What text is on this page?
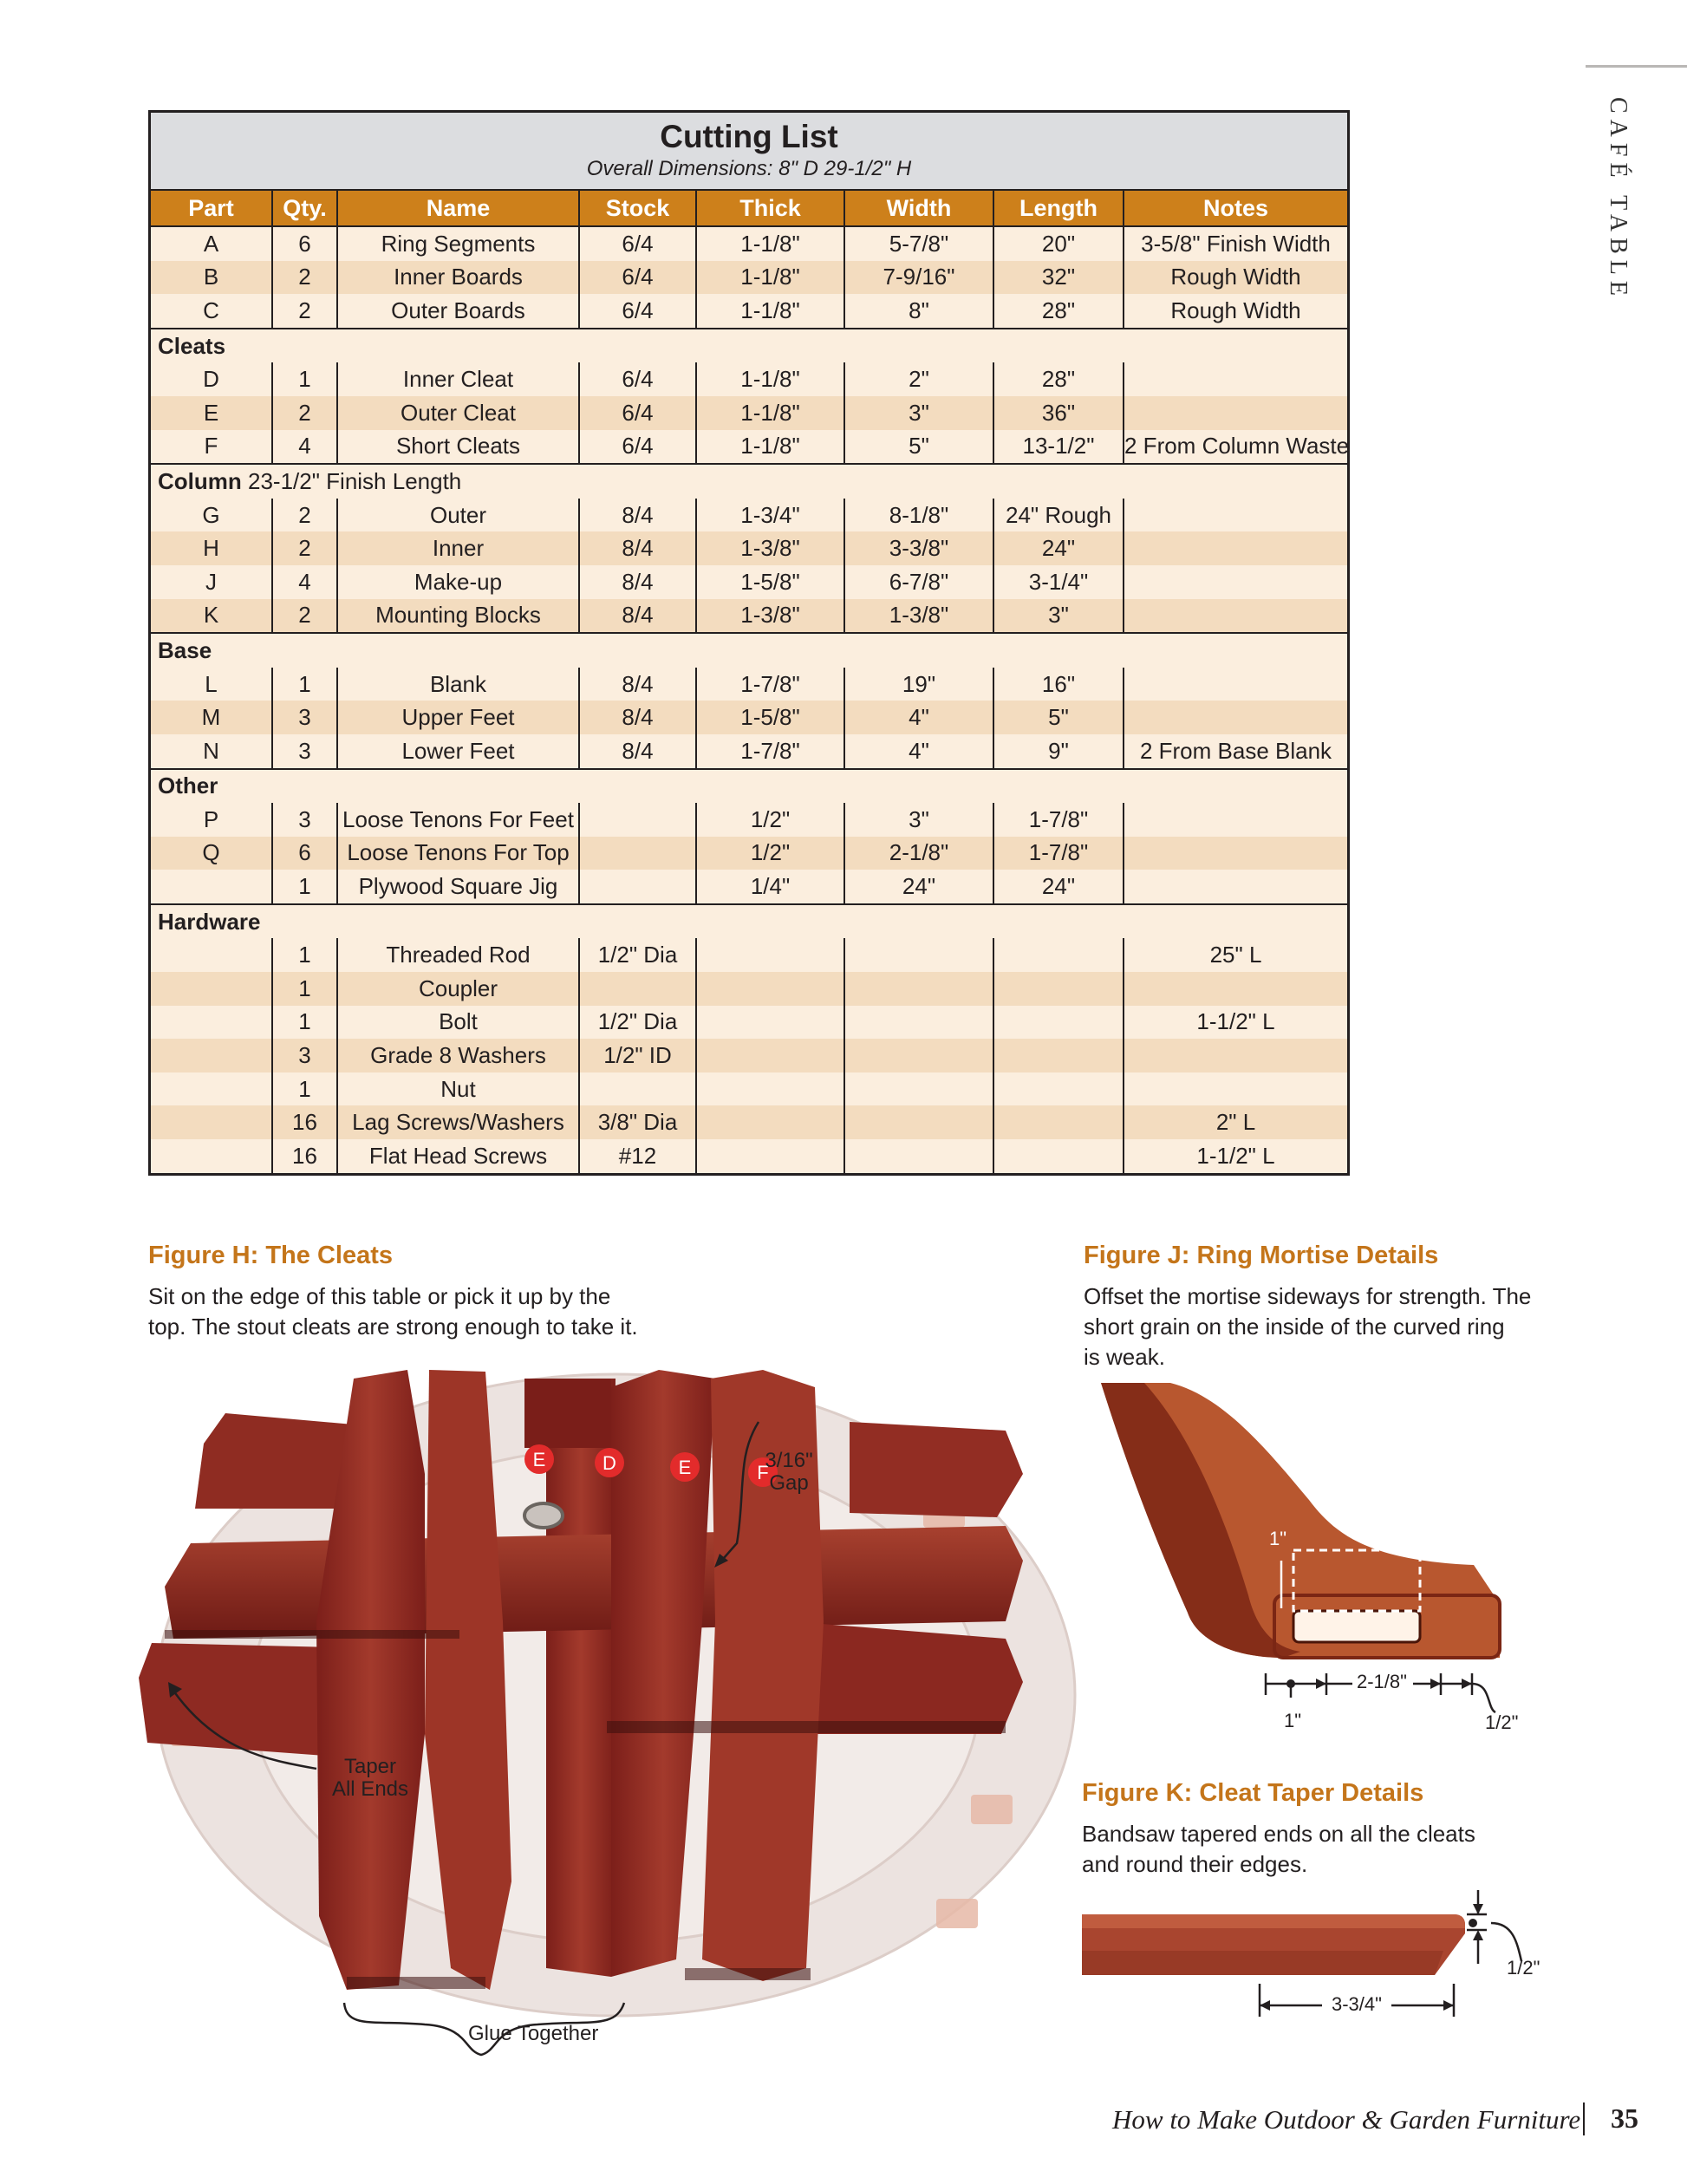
CAFÉ TABLE
Cutting List
Overall Dimensions: 8" D 29-1/2" H
Part	Qty.	Name	Stock	Thick	Width	Length	Notes
A	6	Ring Segments	6/4	1-1/8"	5-7/8"	20"	3-5/8" Finish Width
B	2	Inner Boards	6/4	1-1/8"	7-9/16"	32"	Rough Width
C	2	Outer Boards	6/4	1-1/8"	8"	28"	Rough Width
Cleats							
D	1	Inner Cleat	6/4	1-1/8"	2"	28"	
E	2	Outer Cleat	6/4	1-1/8"	3"	36"	
F	4	Short Cleats	6/4	1-1/8"	5"	13-1/2"	2 From Column Waste
Column 23-1/2" Finish Length							
G	2	Outer	8/4	1-3/4"	8-1/8"	24" Rough	
H	2	Inner	8/4	1-3/8"	3-3/8"	24"	
J	4	Make-up	8/4	1-5/8"	6-7/8"	3-1/4"	
K	2	Mounting Blocks	8/4	1-3/8"	1-3/8"	3"	
Base							
L	1	Blank	8/4	1-7/8"	19"	16"	
M	3	Upper Feet	8/4	1-5/8"	4"	5"	
N	3	Lower Feet	8/4	1-7/8"	4"	9"	2 From Base Blank
Other							
P	3	Loose Tenons For Feet		1/2"	3"	1-7/8"	
Q	6	Loose Tenons For Top		1/2"	2-1/8"	1-7/8"	
	1	Plywood Square Jig		1/4"	24"	24"	
Hardware							
	1	Threaded Rod	1/2" Dia				25" L
	1	Coupler					
	1	Bolt	1/2" Dia				1-1/2" L
	3	Grade 8 Washers	1/2" ID				
	1	Nut					
	16	Lag Screws/Washers	3/8" Dia				2" L
	16	Flat Head Screws	#12				1-1/2" L
Figure H: The Cleats
Sit on the edge of this table or pick it up by the
top. The stout cleats are strong enough to take it.
E	D	E	F
3/16"
Gap
Taper
All Ends
Glue Together
Figure J: Ring Mortise Details
Offset the mortise sideways for strength. The
short grain on the inside of the curved ring
is weak.
1"
2-1/8"
1"	1/2"
Figure K: Cleat Taper Details
Bandsaw tapered ends on all the cleats
and round their edges.
3-3/4"
1/2"
How to Make Outdoor & Garden Furniture 35
